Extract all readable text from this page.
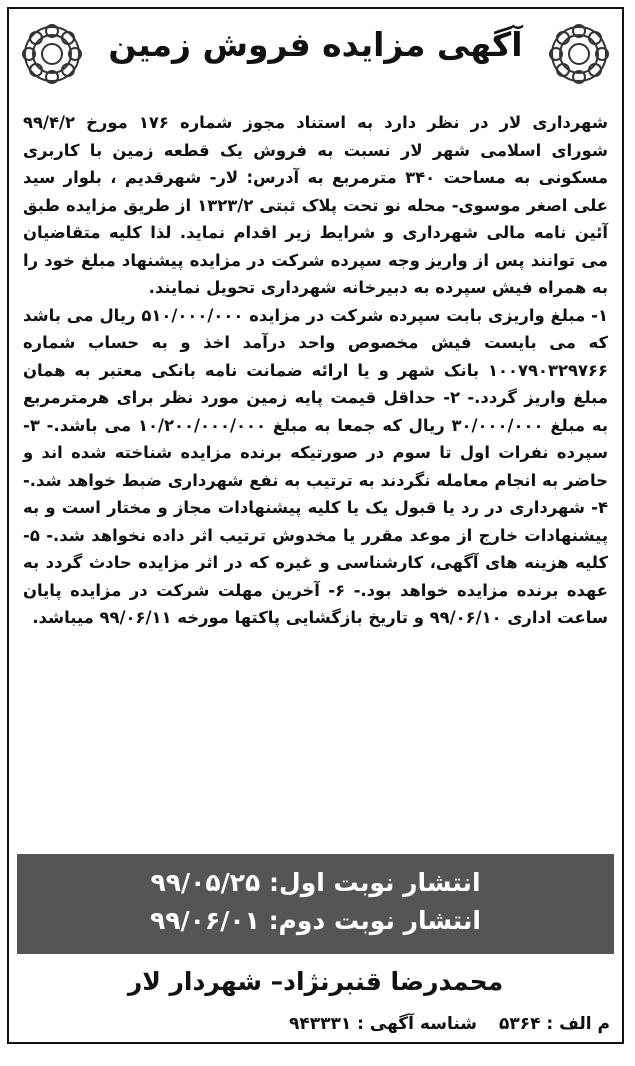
آگهی مزایده فروش زمین

شهرداری لار در نظر دارد به استناد مجوز شماره ۱۷۶ مورخ ۹۹/۴/۲ شورای اسلامی شهر لار نسبت به فروش یک قطعه زمین با کاربری مسکونی به مساحت ۳۴۰ مترمربع به آدرس: لار- شهرقدیم ، بلوار سید علی اصغر موسوی- محله نو تحت پلاک ثبتی ۱۳۲۳/۲ از طریق مزایده طبق آئین نامه مالی شهرداری و شرایط زیر اقدام نماید. لذا کلیه متقاضیان می توانند پس از واریز وجه سپرده شرکت در مزایده پیشنهاد مبلغ خود را به همراه فیش سپرده به دبیرخانه شهرداری تحویل نمایند.

۱- مبلغ واریزی بابت سپرده شرکت در مزایده ۵۱۰/۰۰۰/۰۰۰ ریال می باشد که می بایست فیش مخصوص واحد درآمد اخذ و به حساب شماره ۱۰۰۷۹۰۳۲۹۷۶۶ بانک شهر و یا ارائه ضمانت نامه بانکی معتبر به همان مبلغ واریز گردد.- ۲- حداقل قیمت پایه زمین مورد نظر برای هرمترمربع به مبلغ ۳۰/۰۰۰/۰۰۰ ریال که جمعا به مبلغ ۱۰/۲۰۰/۰۰۰/۰۰۰ می باشد.- ۳-سپرده نفرات اول تا سوم در صورتیکه برنده مزایده شناخته شده اند و حاضر به انجام معامله نگردند به ترتیب به نفع شهرداری ضبط خواهد شد.- ۴- شهرداری در رد یا قبول یک یا کلیه پیشنهادات مجاز و مختار است و به پیشنهادات خارج از موعد مقرر یا مخدوش ترتیب اثر داده نخواهد شد.- ۵- کلیه هزینه های آگهی، کارشناسی و غیره که در اثر مزایده حادث گردد به عهده برنده مزایده خواهد بود.- ۶- آخرین مهلت شرکت در مزایده پایان ساعت اداری ۹۹/۰۶/۱۰ و تاریخ بازگشایی پاکتها مورخه ۹۹/۰۶/۱۱ میباشد.

انتشار نوبت اول: ۹۹/۰۵/۲۵
انتشار نوبت دوم: ۹۹/۰۶/۰۱
محمدرضا قنبرنژاد– شهردار لار
م الف : ۵۳۶۴
شناسه آگهی : ۹۴۳۳۳۱
